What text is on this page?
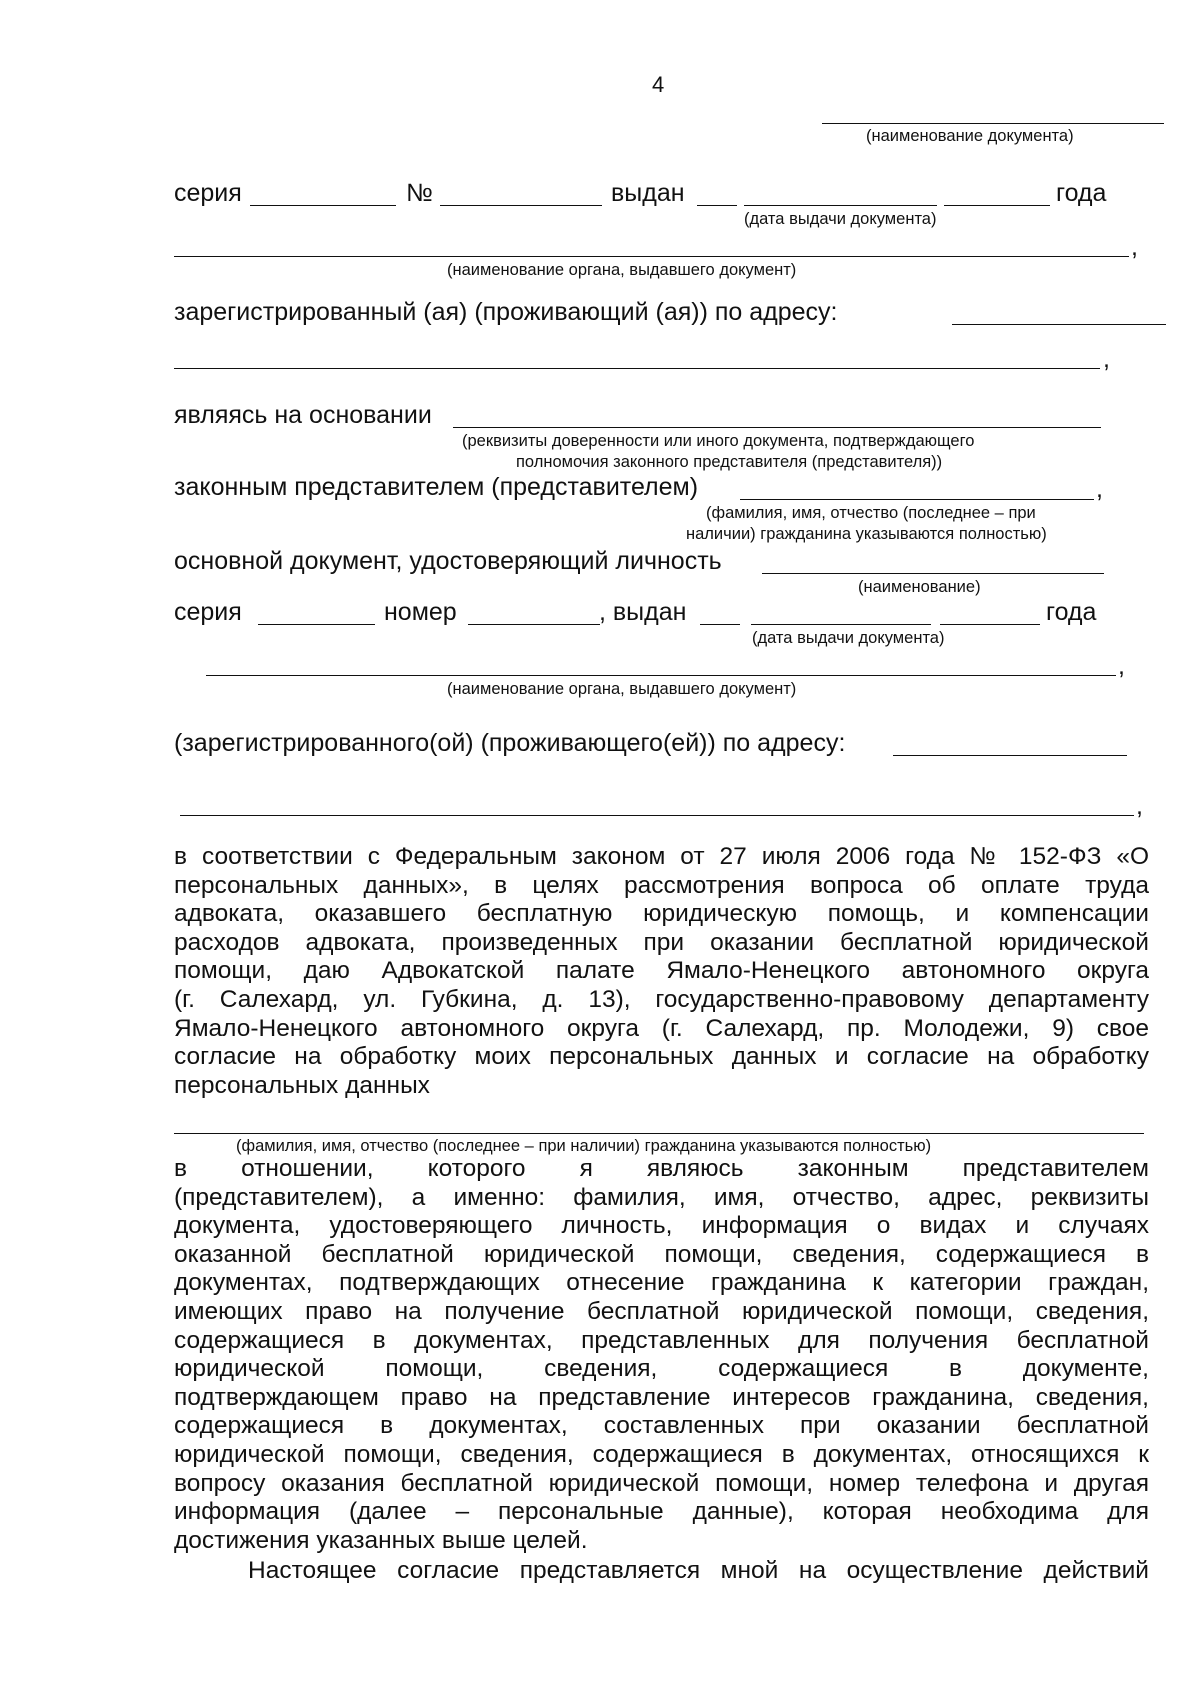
4
(наименование документа)
серия	№	выдан	года
(дата выдачи документа)
,
(наименование органа, выдавшего документ)
зарегистрированный (ая) (проживающий (ая)) по адресу:
,
являясь на основании
(реквизиты доверенности или иного документа, подтверждающего
полномочия законного представителя (представителя))
законным представителем (представителем)	,
(фамилия, имя, отчество (последнее – при
наличии) гражданина указываются полностью)
основной документ, удостоверяющий личность
(наименование)
серия	номер	, выдан	года
(дата выдачи документа)
,
(наименование органа, выдавшего документ)
(зарегистрированного(ой) (проживающего(ей)) по адресу:
,
в соответствии с Федеральным законом от 27 июля 2006 года № 152-ФЗ «О
персональных данных», в целях рассмотрения вопроса об оплате труда
адвоката, оказавшего бесплатную юридическую помощь, и компенсации
расходов адвоката, произведенных при оказании бесплатной юридической
помощи, даю Адвокатской палате Ямало-Ненецкого автономного округа
(г. Салехард, ул. Губкина, д. 13), государственно-правовому департаменту
Ямало-Ненецкого автономного округа (г. Салехард, пр. Молодежи, 9) свое
согласие на обработку моих персональных данных и согласие на обработку
персональных данных
(фамилия, имя, отчество (последнее – при наличии) гражданина указываются полностью)
в отношении, которого я являюсь законным представителем
(представителем), а именно: фамилия, имя, отчество, адрес, реквизиты
документа, удостоверяющего личность, информация о видах и случаях
оказанной бесплатной юридической помощи, сведения, содержащиеся в
документах, подтверждающих отнесение гражданина к категории граждан,
имеющих право на получение бесплатной юридической помощи, сведения,
содержащиеся в документах, представленных для получения бесплатной
юридической помощи, сведения, содержащиеся в документе,
подтверждающем право на представление интересов гражданина, сведения,
содержащиеся в документах, составленных при оказании бесплатной
юридической помощи, сведения, содержащиеся в документах, относящихся к
вопросу оказания бесплатной юридической помощи, номер телефона и другая
информация (далее – персональные данные), которая необходима для
достижения указанных выше целей.
Настоящее согласие представляется мной на осуществление действий
